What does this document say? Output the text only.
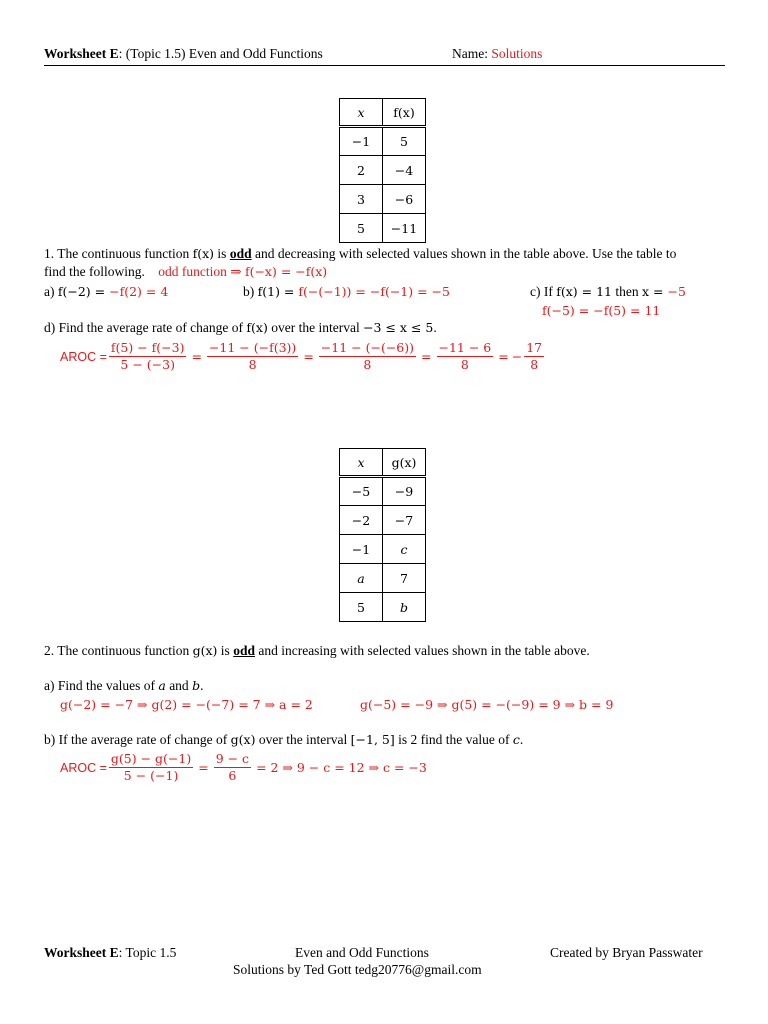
Worksheet E: (Topic 1.5) Even and Odd Functions	Name: Solutions
x	f(x)
−1	5
2	−4
3	−6
5	−11
1. The continuous function f(x) is odd and decreasing with selected values shown in the table above. Use the table to
find the following. odd function ⇒ f(−x) = −f(x)
a) f(−2) = −f(2) = 4	b) f(1) = f(−(−1)) = −f(−1) = −5	c) If f(x) = 11 then x = −5
f(−5) = −f(5) = 11
d) Find the average rate of change of f(x) over the interval −3 ≤ x ≤ 5.
AROC = $\frac{f(5) - f(-3)}{5 - (-3)} = \frac{-11 - (-f(3))}{8} = \frac{-11 - (-(-6))}{8} = \frac{-11 - 6}{8}$ = − $\frac{17}{8}$
x	g(x)
−5	−9
−2	−7
−1	c
a	7
5	b
2. The continuous function g(x) is odd and increasing with selected values shown in the table above.
a) Find the values of a and b.
g(−2) = −7 ⇒ g(2) = −(−7) = 7 ⇒ a = 2	g(−5) = −9 ⇒ g(5) = −(−9) = 9 ⇒ b = 9
b) If the average rate of change of g(x) over the interval [−1, 5] is 2 find the value of c.
AROC = $\frac{g(5) - g(-1)}{5 - (-1)} = \frac{9 - c}{6} = 2$ ⇒ 9 − c = 12 ⇒ c = −3
Worksheet E: Topic 1.5	Even and Odd Functions	Created by Bryan Passwater
Solutions by Ted Gott tedg20776@gmail.com
